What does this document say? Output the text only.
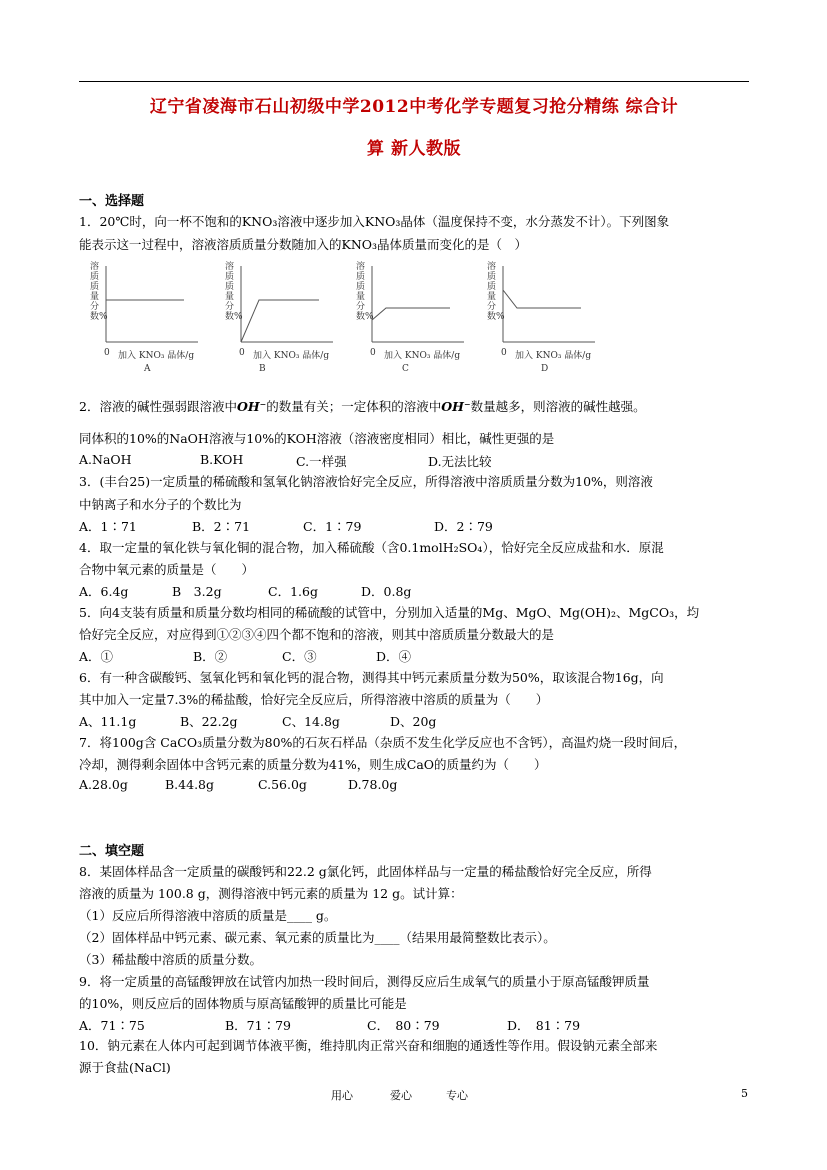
辽宁省凌海市石山初级中学2012中考化学专题复习抢分精练 综合计
算 新人教版
一、选择题
1．20℃时，向一杯不饱和的KNO₃溶液中逐步加入KNO₃晶体（温度保持不变，水分蒸发不计）。下列图象
能表示这一过程中，溶液溶质质量分数随加入的KNO₃晶体质量而变化的是（　）
溶质质量分数%
0 加入 KNO₃ 晶体/g
A
溶质质量分数%
0 加入 KNO₃ 晶体/g
B
溶质质量分数%
0 加入 KNO₃ 晶体/g
C
溶质质量分数%
0 加入 KNO₃ 晶体/g
D
2．溶液的碱性强弱跟溶液中OH⁻的数量有关；一定体积的溶液中OH⁻数量越多，则溶液的碱性越强。
同体积的10%的NaOH溶液与10%的KOH溶液（溶液密度相同）相比，碱性更强的是
A.NaOH	B.KOH	C.一样强	D.无法比较
3．(丰台25)一定质量的稀硫酸和氢氧化钠溶液恰好完全反应，所得溶液中溶质质量分数为10%，则溶液
中钠离子和水分子的个数比为
A．1∶71	B．2∶71	C．1∶79	D．2∶79
4．取一定量的氧化铁与氧化铜的混合物，加入稀硫酸（含0.1molH₂SO₄），恰好完全反应成盐和水．原混
合物中氧元素的质量是（　　）
A．6.4g	B　3.2g	C．1.6g	D．0.8g
5．向4支装有质量和质量分数均相同的稀硫酸的试管中，分别加入适量的Mg、MgO、Mg(OH)₂、MgCO₃，均
恰好完全反应，对应得到①②③④四个都不饱和的溶液，则其中溶质质量分数最大的是
A．①	B．②	C．③	D．④
6．有一种含碳酸钙、氢氧化钙和氧化钙的混合物，测得其中钙元素质量分数为50%，取该混合物16g，向
其中加入一定量7.3%的稀盐酸，恰好完全反应后，所得溶液中溶质的质量为（　　）
A、11.1g	B、22.2g	C、14.8g	D、20g
7．将100g含 CaCO₃质量分数为80%的石灰石样品（杂质不发生化学反应也不含钙），高温灼烧一段时间后，
冷却，测得剩余固体中含钙元素的质量分数为41%，则生成CaO的质量约为（　　）
A.28.0g	B.44.8g	C.56.0g	D.78.0g
二、填空题
8．某固体样品含一定质量的碳酸钙和22.2 g氯化钙，此固体样品与一定量的稀盐酸恰好完全反应，所得
溶液的质量为 100.8 g，测得溶液中钙元素的质量为 12 g。试计算：
（1）反应后所得溶液中溶质的质量是____ g。
（2）固体样品中钙元素、碳元素、氧元素的质量比为____（结果用最简整数比表示）。
（3）稀盐酸中溶质的质量分数。
9．将一定质量的高锰酸钾放在试管内加热一段时间后，测得反应后生成氧气的质量小于原高锰酸钾质量
的10%，则反应后的固体物质与原高锰酸钾的质量比可能是
A．71∶75	B．71∶79	C．　80∶79	D．　81∶79
10．钠元素在人体内可起到调节体液平衡，维持肌肉正常兴奋和细胞的通透性等作用。假设钠元素全部来
源于食盐(NaCl)
用心	爱心	专心	5
